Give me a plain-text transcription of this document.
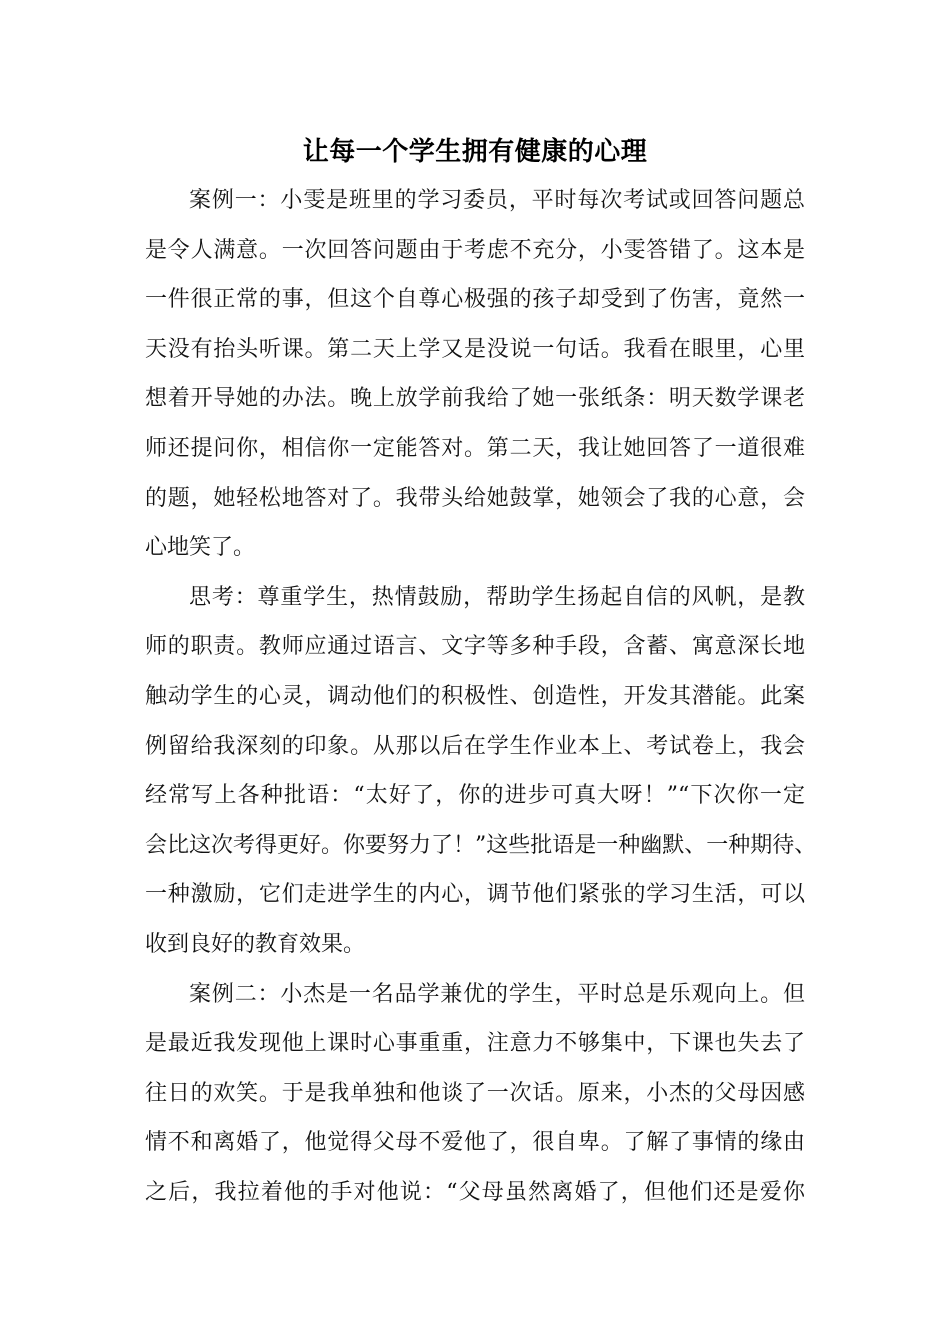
让每一个学生拥有健康的心理
案例一：小雯是班里的学习委员，平时每次考试或回答问题总
是令人满意。一次回答问题由于考虑不充分，小雯答错了。这本是
一件很正常的事，但这个自尊心极强的孩子却受到了伤害，竟然一
天没有抬头听课。第二天上学又是没说一句话。我看在眼里，心里
想着开导她的办法。晚上放学前我给了她一张纸条：明天数学课老
师还提问你，相信你一定能答对。第二天，我让她回答了一道很难
的题，她轻松地答对了。我带头给她鼓掌，她领会了我的心意，会
心地笑了。
思考：尊重学生，热情鼓励，帮助学生扬起自信的风帆，是教
师的职责。教师应通过语言、文字等多种手段，含蓄、寓意深长地
触动学生的心灵，调动他们的积极性、创造性，开发其潜能。此案
例留给我深刻的印象。从那以后在学生作业本上、考试卷上，我会
经常写上各种批语：“太好了，你的进步可真大呀！”“下次你一定
会比这次考得更好。你要努力了！”这些批语是一种幽默、一种期待、
一种激励，它们走进学生的内心，调节他们紧张的学习生活，可以
收到良好的教育效果。
案例二：小杰是一名品学兼优的学生，平时总是乐观向上。但
是最近我发现他上课时心事重重，注意力不够集中，下课也失去了
往日的欢笑。于是我单独和他谈了一次话。原来，小杰的父母因感
情不和离婚了，他觉得父母不爱他了，很自卑。了解了事情的缘由
之后，我拉着他的手对他说：“父母虽然离婚了，但他们还是爱你
